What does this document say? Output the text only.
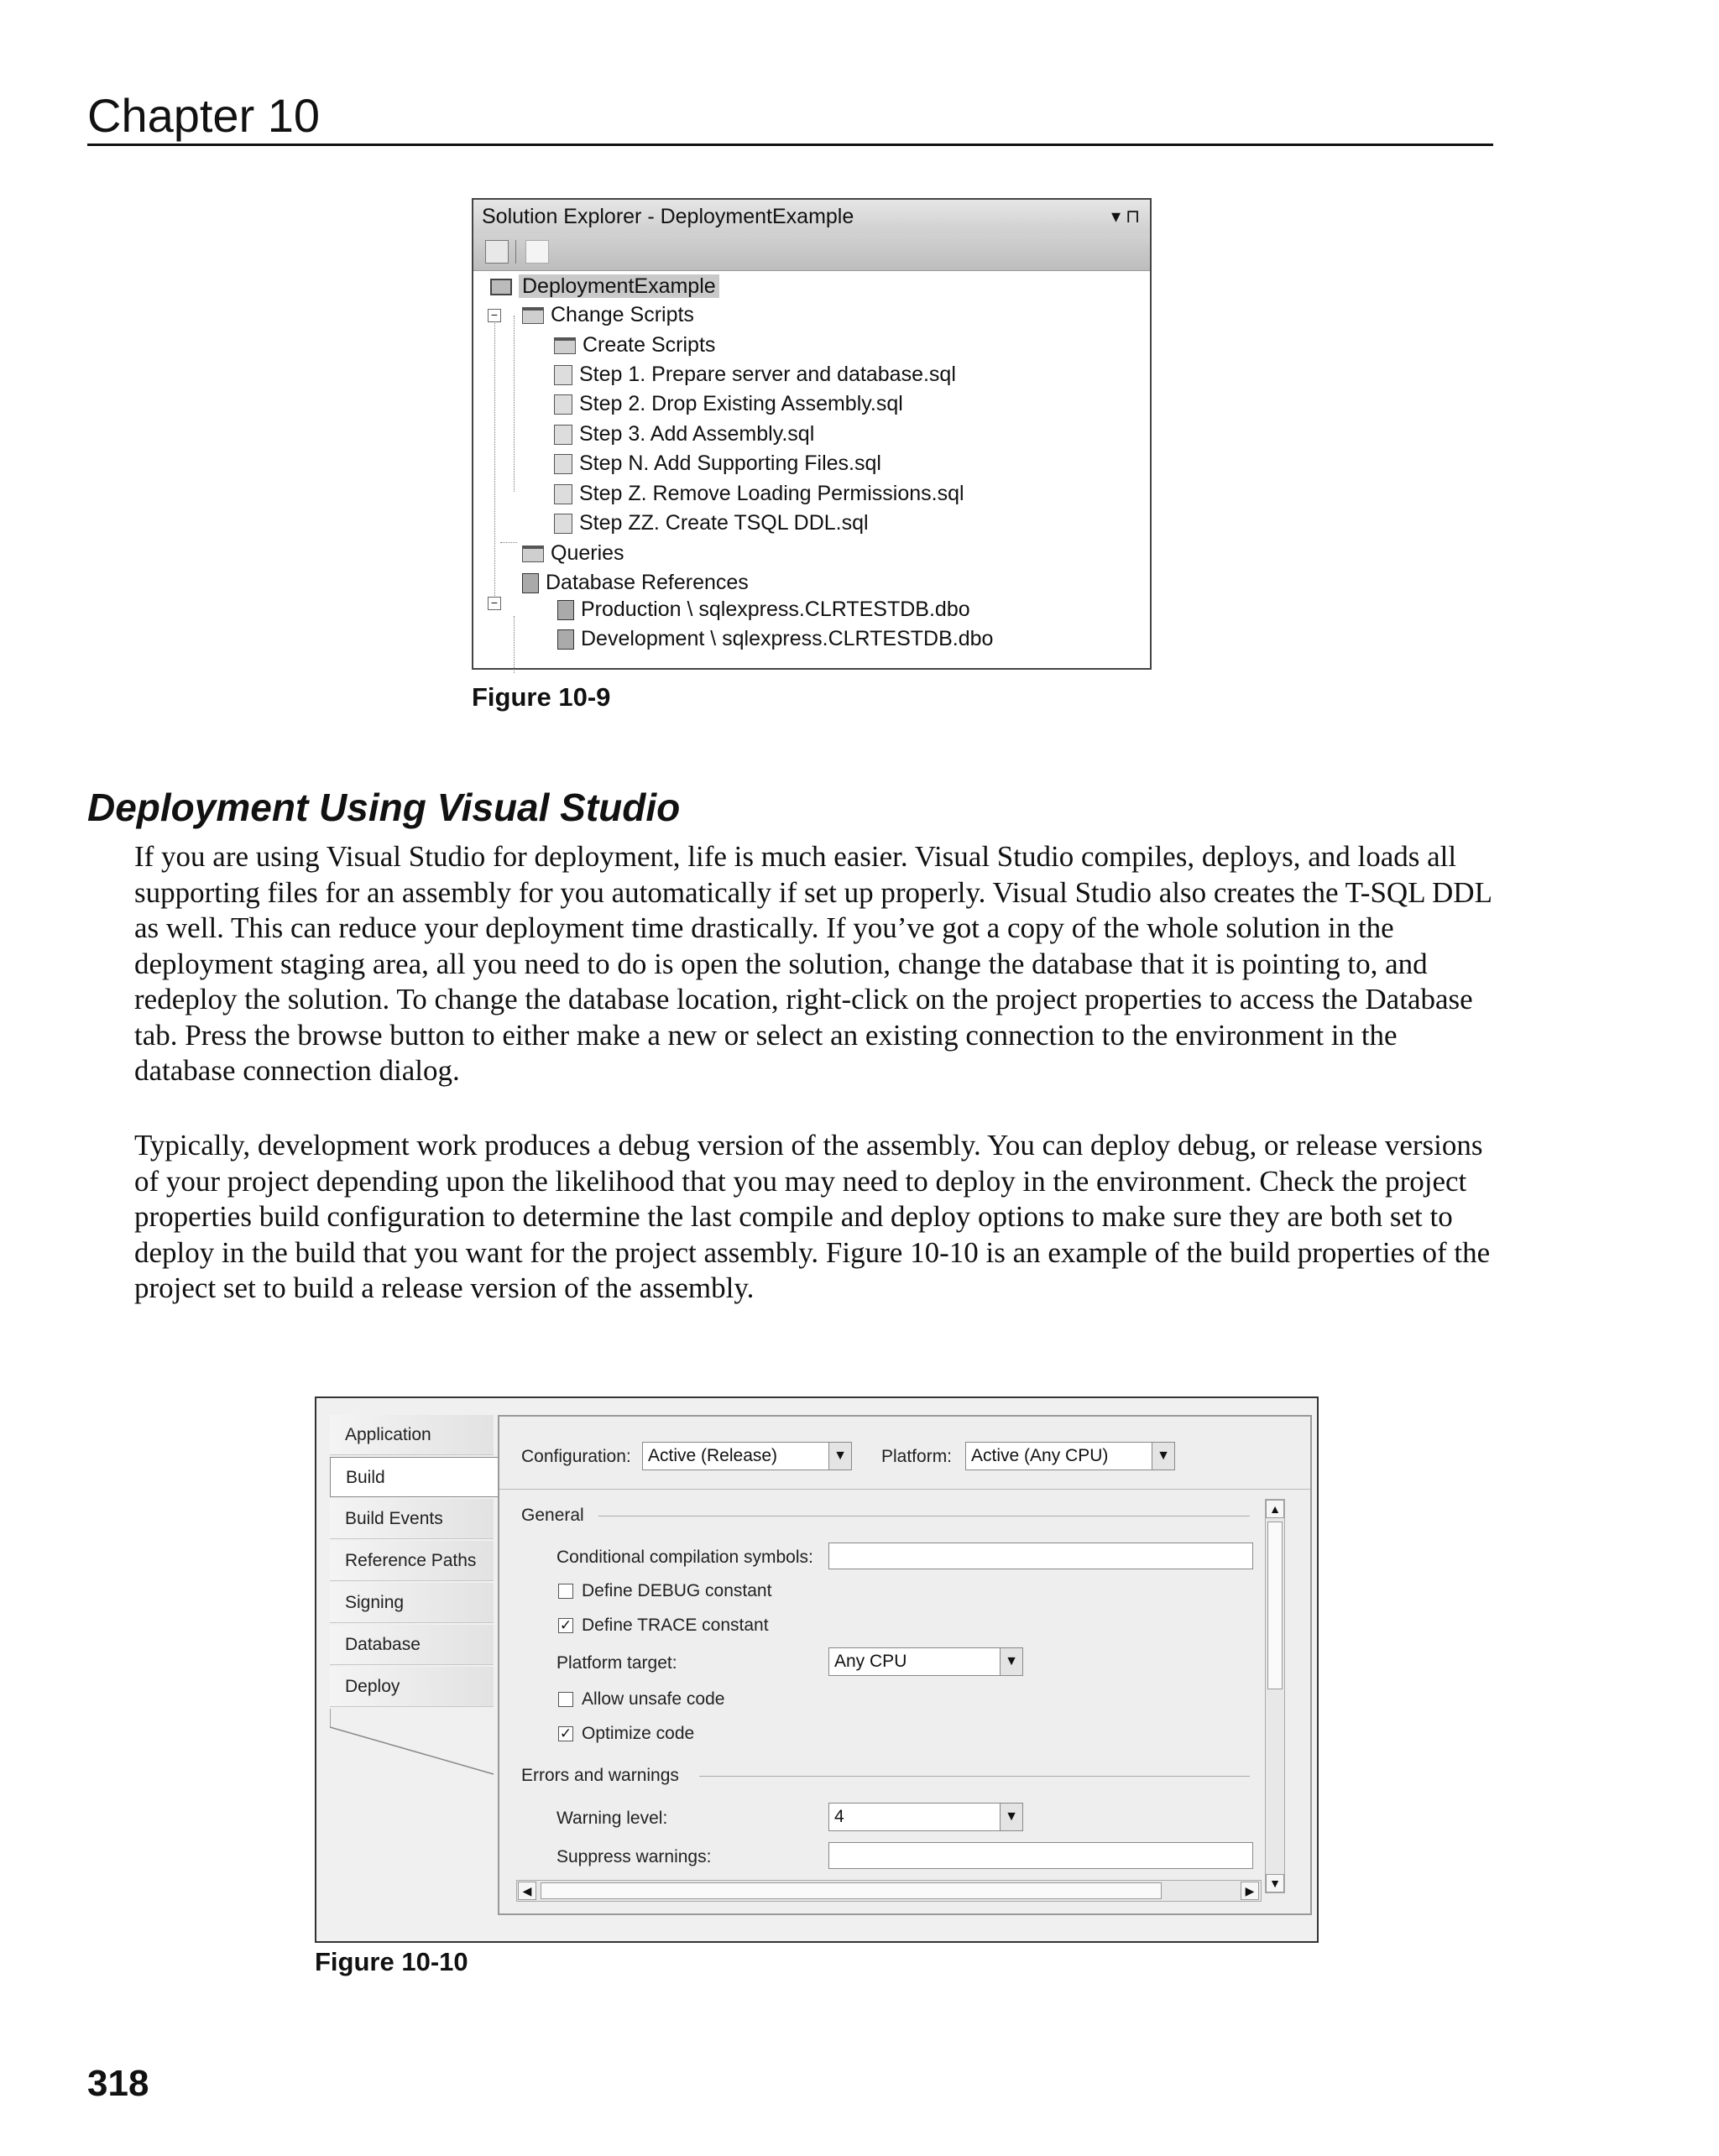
Chapter 10
Solution Explorer - DeploymentExample	▾ ⊓
−
−
DeploymentExample
Change Scripts
Create Scripts
Step 1. Prepare server and database.sql
Step 2. Drop Existing Assembly.sql
Step 3. Add Assembly.sql
Step N. Add Supporting Files.sql
Step Z. Remove Loading Permissions.sql
Step ZZ. Create TSQL DDL.sql
Queries
Database References
Production \ sqlexpress.CLRTESTDB.dbo
Development \ sqlexpress.CLRTESTDB.dbo
Figure 10-9
Deployment Using Visual Studio
If you are using Visual Studio for deployment, life is much easier. Visual Studio compiles, deploys, and loads all supporting files for an assembly for you automatically if set up properly. Visual Studio also creates the T-SQL DDL as well. This can reduce your deployment time drastically. If you’ve got a copy of the whole solution in the deployment staging area, all you need to do is open the solution, change the database that it is pointing to, and redeploy the solution. To change the database location, right-click on the project properties to access the Database tab. Press the browse button to either make a new or select an existing connection to the environment in the database connection dialog.
Typically, development work produces a debug version of the assembly. You can deploy debug, or release versions of your project depending upon the likelihood that you may need to deploy in the environment. Check the project properties build configuration to determine the last compile and deploy options to make sure they are both set to deploy in the build that you want for the project assembly. Figure 10-10 is an example of the build properties of the project set to build a release version of the assembly.
Application
Build
Build Events
Reference Paths
Signing
Database
Deploy
Configuration: Active (Release)	▼ Platform:	Active (Any CPU)	▼
General
Conditional compilation symbols:
Define DEBUG constant
✓ Define TRACE constant
Platform target:	Any CPU	▼
Allow unsafe code
✓ Optimize code
Errors and warnings
Warning level:	4	▼
Suppress warnings:
▲
▼
◀	▶
Figure 10-10
318
